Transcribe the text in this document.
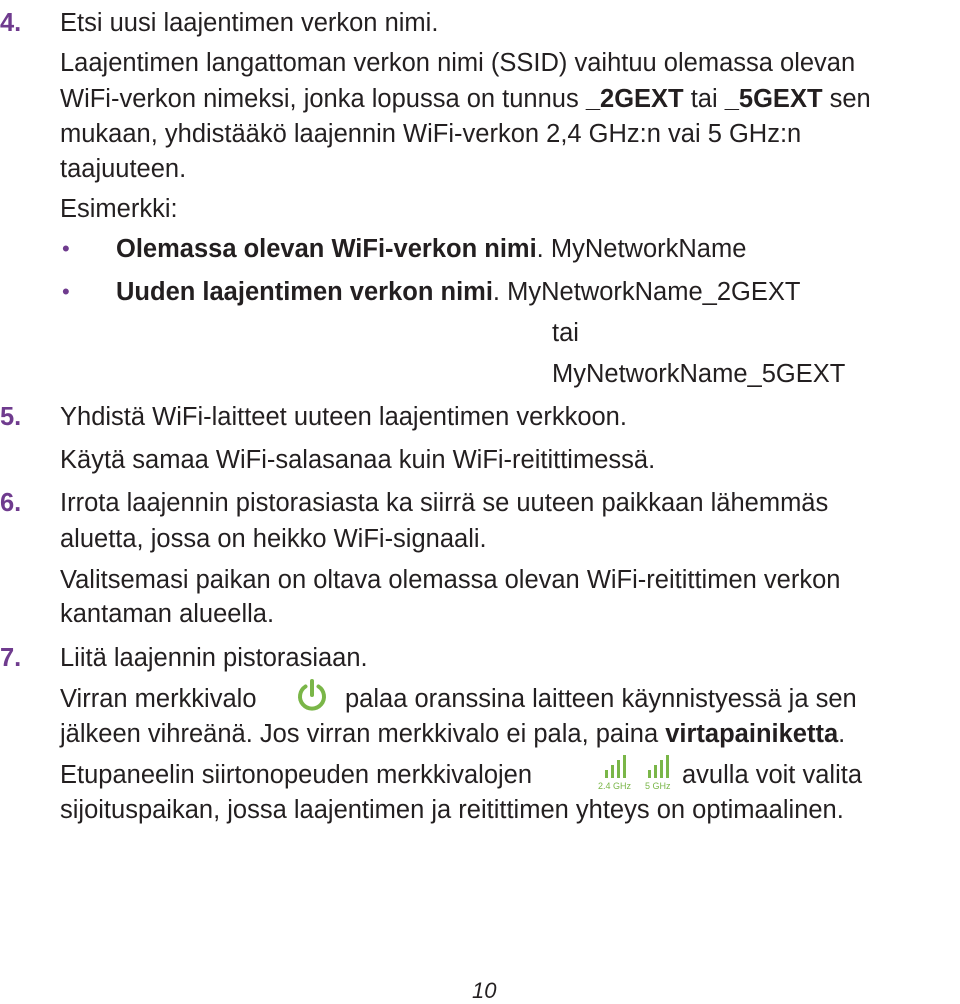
4. Etsi uusi laajentimen verkon nimi.
Laajentimen langattoman verkon nimi (SSID) vaihtuu olemassa olevan
WiFi-verkon nimeksi, jonka lopussa on tunnus _2GEXT tai _5GEXT sen
mukaan, yhdistääkö laajennin WiFi-verkon 2,4 GHz:n vai 5 GHz:n
taajuuteen.
Esimerkki:
• Olemassa olevan WiFi-verkon nimi. MyNetworkName
• Uuden laajentimen verkon nimi. MyNetworkName_2GEXT
tai
MyNetworkName_5GEXT
5. Yhdistä WiFi-laitteet uuteen laajentimen verkkoon.
Käytä samaa WiFi-salasanaa kuin WiFi-reitittimessä.
6. Irrota laajennin pistorasiasta ka siirrä se uuteen paikkaan lähemmäs
aluetta, jossa on heikko WiFi-signaali.
Valitsemasi paikan on oltava olemassa olevan WiFi-reitittimen verkon
kantaman alueella.
7. Liitä laajennin pistorasiaan.
Virran merkkivalo	palaa oranssina laitteen käynnistyessä ja sen
jälkeen vihreänä. Jos virran merkkivalo ei pala, paina virtapainiketta.
Etupaneelin siirtonopeuden merkkivalojen	2.4 GHz 5 GHz avulla voit valita
sijoituspaikan, jossa laajentimen ja reitittimen yhteys on optimaalinen.
10
